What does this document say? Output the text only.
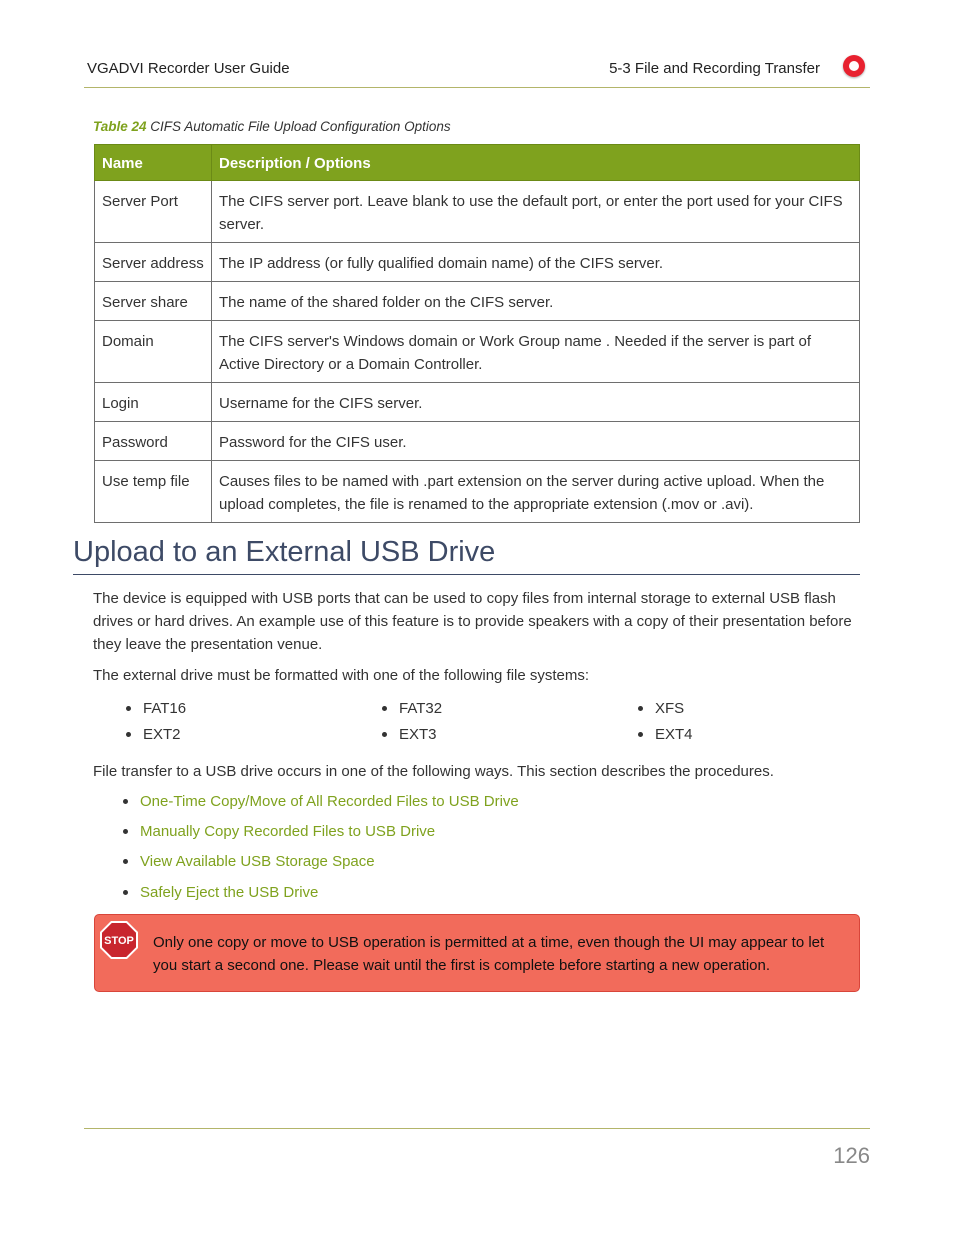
VGADVI Recorder User Guide	5-3 File and Recording Transfer
Table 24 CIFS Automatic File Upload Configuration Options
Name	Description / Options
Server Port	The CIFS server port. Leave blank to use the default port, or enter the port used for your CIFS server.
Server address	The IP address (or fully qualified domain name) of the CIFS server.
Server share	The name of the shared folder on the CIFS server.
Domain	The CIFS server's Windows domain or Work Group name . Needed if the server is part of Active Directory or a Domain Controller.
Login	Username for the CIFS server.
Password	Password for the CIFS user.
Use temp file	Causes files to be named with .part extension on the server during active upload. When the upload completes, the file is renamed to the appropriate extension (.mov or .avi).
Upload to an External USB Drive
The device is equipped with USB ports that can be used to copy files from internal storage to external USB flash drives or hard drives. An example use of this feature is to provide speakers with a copy of their presentation before they leave the presentation venue.
The external drive must be formatted with one of the following file systems:
FAT16	FAT32	XFS
EXT2	EXT3	EXT4
File transfer to a USB drive occurs in one of the following ways. This section describes the procedures.
One-Time Copy/Move of All Recorded Files to USB Drive
Manually Copy Recorded Files to USB Drive
View Available USB Storage Space
Safely Eject the USB Drive
STOP Only one copy or move to USB operation is permitted at a time, even though the UI may appear to let you start a second one. Please wait until the first is complete before starting a new operation.
126
